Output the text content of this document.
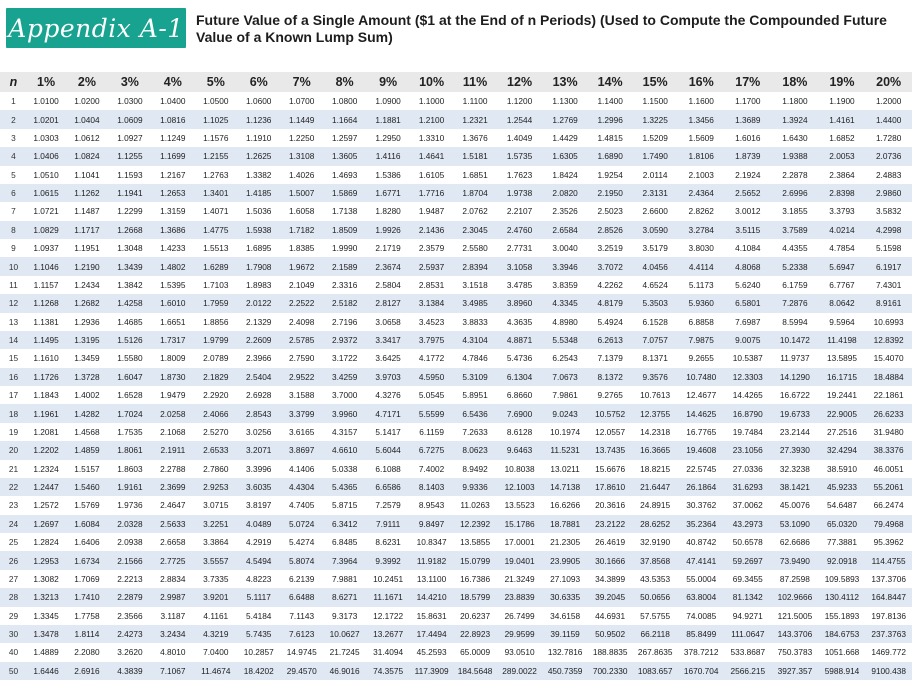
Appendix A-1 Future Value of a Single Amount ($1 at the End of n Periods) (Used to Compute the Compounded Future Value of a Known Lump Sum)
n	1%	2%	3%	4%	5%	6%	7%	8%	9%	10%	11%	12%	13%	14%	15%	16%	17%	18%	19%	20%
1	1.0100	1.0200	1.0300	1.0400	1.0500	1.0600	1.0700	1.0800	1.0900	1.1000	1.1100	1.1200	1.1300	1.1400	1.1500	1.1600	1.1700	1.1800	1.1900	1.2000
2	1.0201	1.0404	1.0609	1.0816	1.1025	1.1236	1.1449	1.1664	1.1881	1.2100	1.2321	1.2544	1.2769	1.2996	1.3225	1.3456	1.3689	1.3924	1.4161	1.4400
3	1.0303	1.0612	1.0927	1.1249	1.1576	1.1910	1.2250	1.2597	1.2950	1.3310	1.3676	1.4049	1.4429	1.4815	1.5209	1.5609	1.6016	1.6430	1.6852	1.7280
4	1.0406	1.0824	1.1255	1.1699	1.2155	1.2625	1.3108	1.3605	1.4116	1.4641	1.5181	1.5735	1.6305	1.6890	1.7490	1.8106	1.8739	1.9388	2.0053	2.0736
5	1.0510	1.1041	1.1593	1.2167	1.2763	1.3382	1.4026	1.4693	1.5386	1.6105	1.6851	1.7623	1.8424	1.9254	2.0114	2.1003	2.1924	2.2878	2.3864	2.4883
6	1.0615	1.1262	1.1941	1.2653	1.3401	1.4185	1.5007	1.5869	1.6771	1.7716	1.8704	1.9738	2.0820	2.1950	2.3131	2.4364	2.5652	2.6996	2.8398	2.9860
7	1.0721	1.1487	1.2299	1.3159	1.4071	1.5036	1.6058	1.7138	1.8280	1.9487	2.0762	2.2107	2.3526	2.5023	2.6600	2.8262	3.0012	3.1855	3.3793	3.5832
8	1.0829	1.1717	1.2668	1.3686	1.4775	1.5938	1.7182	1.8509	1.9926	2.1436	2.3045	2.4760	2.6584	2.8526	3.0590	3.2784	3.5115	3.7589	4.0214	4.2998
9	1.0937	1.1951	1.3048	1.4233	1.5513	1.6895	1.8385	1.9990	2.1719	2.3579	2.5580	2.7731	3.0040	3.2519	3.5179	3.8030	4.1084	4.4355	4.7854	5.1598
10	1.1046	1.2190	1.3439	1.4802	1.6289	1.7908	1.9672	2.1589	2.3674	2.5937	2.8394	3.1058	3.3946	3.7072	4.0456	4.4114	4.8068	5.2338	5.6947	6.1917
11	1.1157	1.2434	1.3842	1.5395	1.7103	1.8983	2.1049	2.3316	2.5804	2.8531	3.1518	3.4785	3.8359	4.2262	4.6524	5.1173	5.6240	6.1759	6.7767	7.4301
12	1.1268	1.2682	1.4258	1.6010	1.7959	2.0122	2.2522	2.5182	2.8127	3.1384	3.4985	3.8960	4.3345	4.8179	5.3503	5.9360	6.5801	7.2876	8.0642	8.9161
13	1.1381	1.2936	1.4685	1.6651	1.8856	2.1329	2.4098	2.7196	3.0658	3.4523	3.8833	4.3635	4.8980	5.4924	6.1528	6.8858	7.6987	8.5994	9.5964	10.6993
14	1.1495	1.3195	1.5126	1.7317	1.9799	2.2609	2.5785	2.9372	3.3417	3.7975	4.3104	4.8871	5.5348	6.2613	7.0757	7.9875	9.0075	10.1472	11.4198	12.8392
15	1.1610	1.3459	1.5580	1.8009	2.0789	2.3966	2.7590	3.1722	3.6425	4.1772	4.7846	5.4736	6.2543	7.1379	8.1371	9.2655	10.5387	11.9737	13.5895	15.4070
16	1.1726	1.3728	1.6047	1.8730	2.1829	2.5404	2.9522	3.4259	3.9703	4.5950	5.3109	6.1304	7.0673	8.1372	9.3576	10.7480	12.3303	14.1290	16.1715	18.4884
17	1.1843	1.4002	1.6528	1.9479	2.2920	2.6928	3.1588	3.7000	4.3276	5.0545	5.8951	6.8660	7.9861	9.2765	10.7613	12.4677	14.4265	16.6722	19.2441	22.1861
18	1.1961	1.4282	1.7024	2.0258	2.4066	2.8543	3.3799	3.9960	4.7171	5.5599	6.5436	7.6900	9.0243	10.5752	12.3755	14.4625	16.8790	19.6733	22.9005	26.6233
19	1.2081	1.4568	1.7535	2.1068	2.5270	3.0256	3.6165	4.3157	5.1417	6.1159	7.2633	8.6128	10.1974	12.0557	14.2318	16.7765	19.7484	23.2144	27.2516	31.9480
20	1.2202	1.4859	1.8061	2.1911	2.6533	3.2071	3.8697	4.6610	5.6044	6.7275	8.0623	9.6463	11.5231	13.7435	16.3665	19.4608	23.1056	27.3930	32.4294	38.3376
21	1.2324	1.5157	1.8603	2.2788	2.7860	3.3996	4.1406	5.0338	6.1088	7.4002	8.9492	10.8038	13.0211	15.6676	18.8215	22.5745	27.0336	32.3238	38.5910	46.0051
22	1.2447	1.5460	1.9161	2.3699	2.9253	3.6035	4.4304	5.4365	6.6586	8.1403	9.9336	12.1003	14.7138	17.8610	21.6447	26.1864	31.6293	38.1421	45.9233	55.2061
23	1.2572	1.5769	1.9736	2.4647	3.0715	3.8197	4.7405	5.8715	7.2579	8.9543	11.0263	13.5523	16.6266	20.3616	24.8915	30.3762	37.0062	45.0076	54.6487	66.2474
24	1.2697	1.6084	2.0328	2.5633	3.2251	4.0489	5.0724	6.3412	7.9111	9.8497	12.2392	15.1786	18.7881	23.2122	28.6252	35.2364	43.2973	53.1090	65.0320	79.4968
25	1.2824	1.6406	2.0938	2.6658	3.3864	4.2919	5.4274	6.8485	8.6231	10.8347	13.5855	17.0001	21.2305	26.4619	32.9190	40.8742	50.6578	62.6686	77.3881	95.3962
26	1.2953	1.6734	2.1566	2.7725	3.5557	4.5494	5.8074	7.3964	9.3992	11.9182	15.0799	19.0401	23.9905	30.1666	37.8568	47.4141	59.2697	73.9490	92.0918	114.4755
27	1.3082	1.7069	2.2213	2.8834	3.7335	4.8223	6.2139	7.9881	10.2451	13.1100	16.7386	21.3249	27.1093	34.3899	43.5353	55.0004	69.3455	87.2598	109.5893	137.3706
28	1.3213	1.7410	2.2879	2.9987	3.9201	5.1117	6.6488	8.6271	11.1671	14.4210	18.5799	23.8839	30.6335	39.2045	50.0656	63.8004	81.1342	102.9666	130.4112	164.8447
29	1.3345	1.7758	2.3566	3.1187	4.1161	5.4184	7.1143	9.3173	12.1722	15.8631	20.6237	26.7499	34.6158	44.6931	57.5755	74.0085	94.9271	121.5005	155.1893	197.8136
30	1.3478	1.8114	2.4273	3.2434	4.3219	5.7435	7.6123	10.0627	13.2677	17.4494	22.8923	29.9599	39.1159	50.9502	66.2118	85.8499	111.0647	143.3706	184.6753	237.3763
40	1.4889	2.2080	3.2620	4.8010	7.0400	10.2857	14.9745	21.7245	31.4094	45.2593	65.0009	93.0510	132.7816	188.8835	267.8635	378.7212	533.8687	750.3783	1051.668	1469.772
50	1.6446	2.6916	4.3839	7.1067	11.4674	18.4202	29.4570	46.9016	74.3575	117.3909	184.5648	289.0022	450.7359	700.2330	1083.657	1670.704	2566.215	3927.357	5988.914	9100.438
